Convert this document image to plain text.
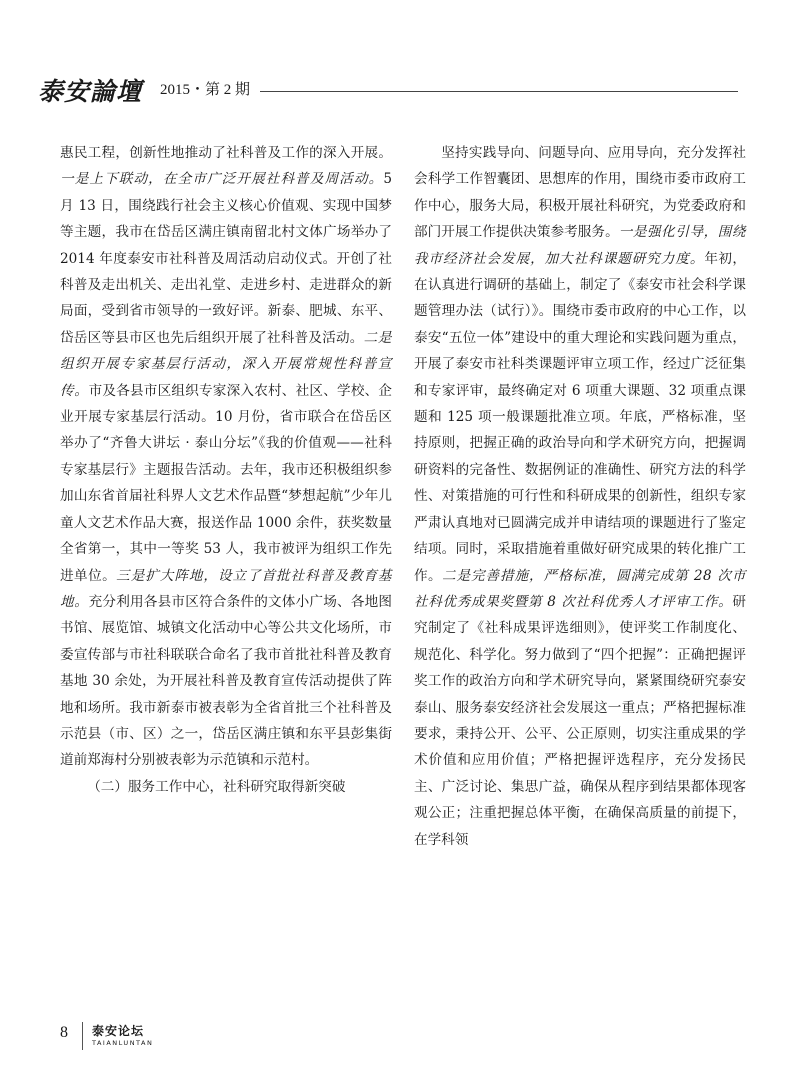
泰安論壇 2015・第 2 期

惠民工程，创新性地推动了社科普及工作的深入开展。一是上下联动，在全市广泛开展社科普及周活动。5 月 13 日，围绕践行社会主义核心价值观、实现中国梦等主题，我市在岱岳区满庄镇南留北村文体广场举办了 2014 年度泰安市社科普及周活动启动仪式。开创了社科普及走出机关、走出礼堂、走进乡村、走进群众的新局面，受到省市领导的一致好评。新泰、肥城、东平、岱岳区等县市区也先后组织开展了社科普及活动。二是组织开展专家基层行活动，深入开展常规性科普宣传。市及各县市区组织专家深入农村、社区、学校、企业开展专家基层行活动。10 月份，省市联合在岱岳区举办了“齐鲁大讲坛 · 泰山分坛”《我的价值观——社科专家基层行》主题报告活动。去年，我市还积极组织参加山东省首届社科界人文艺术作品暨“梦想起航”少年儿童人文艺术作品大赛，报送作品 1000 余件，获奖数量全省第一，其中一等奖 53 人，我市被评为组织工作先进单位。三是扩大阵地，设立了首批社科普及教育基地。充分利用各县市区符合条件的文体小广场、各地图书馆、展览馆、城镇文化活动中心等公共文化场所，市委宣传部与市社科联联合命名了我市首批社科普及教育基地 30 余处，为开展社科普及教育宣传活动提供了阵地和场所。我市新泰市被表彰为全省首批三个社科普及示范县（市、区）之一，岱岳区满庄镇和东平县彭集街道前郑海村分别被表彰为示范镇和示范村。

（二）服务工作中心，社科研究取得新突破

坚持实践导向、问题导向、应用导向，充分发挥社会科学工作智囊团、思想库的作用，围绕市委市政府工作中心，服务大局，积极开展社科研究，为党委政府和部门开展工作提供决策参考服务。一是强化引导，围绕我市经济社会发展，加大社科课题研究力度。年初，在认真进行调研的基础上，制定了《泰安市社会科学课题管理办法（试行）》。围绕市委市政府的中心工作，以泰安“五位一体”建设中的重大理论和实践问题为重点，开展了泰安市社科类课题评审立项工作，经过广泛征集和专家评审，最终确定对 6 项重大课题、32 项重点课题和 125 项一般课题批准立项。年底，严格标准，坚持原则，把握正确的政治导向和学术研究方向，把握调研资料的完备性、数据例证的准确性、研究方法的科学性、对策措施的可行性和科研成果的创新性，组织专家严肃认真地对已圆满完成并申请结项的课题进行了鉴定结项。同时，采取措施着重做好研究成果的转化推广工作。二是完善措施，严格标准，圆满完成第 28 次市社科优秀成果奖暨第 8 次社科优秀人才评审工作。研究制定了《社科成果评选细则》，使评奖工作制度化、规范化、科学化。努力做到了“四个把握”：正确把握评奖工作的政治方向和学术研究导向，紧紧围绕研究泰安泰山、服务泰安经济社会发展这一重点；严格把握标准要求，秉持公开、公平、公正原则，切实注重成果的学术价值和应用价值；严格把握评选程序，充分发扬民主、广泛讨论、集思广益，确保从程序到结果都体现客观公正；注重把握总体平衡，在确保高质量的前提下，在学科领

8 泰安论坛
TAIANLUNTAN
